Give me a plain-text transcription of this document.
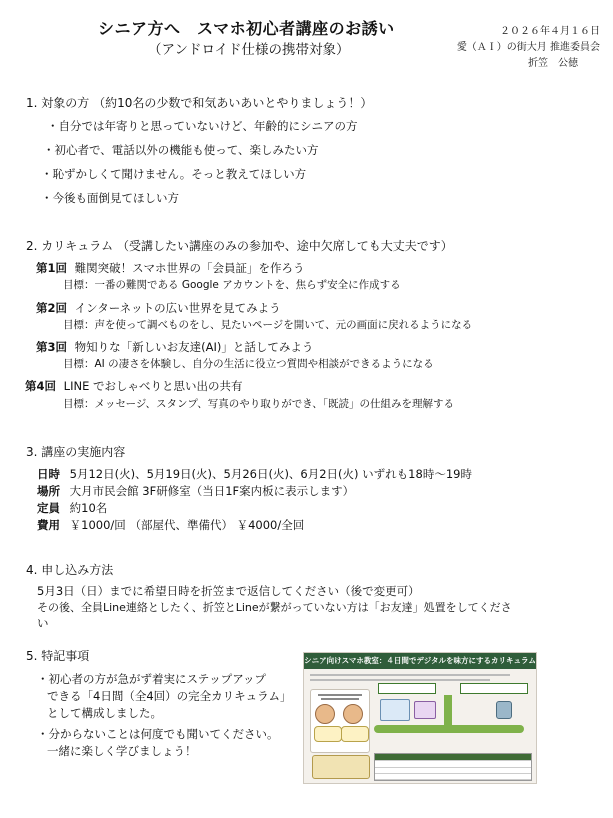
シニア方へ　スマホ初心者講座のお誘い
（アンドロイド仕様の携帯対象）
２０２６年４月１６日
愛（ＡＩ）の街大月 推進委員会
折笠　公徳
1. 対象の方 （約10名の少数で和気あいあいとやりましょう！）
・自分では年寄りと思っていないけど、年齢的にシニアの方
・初心者で、電話以外の機能も使って、楽しみたい方
・恥ずかしくて聞けません。そっと教えてほしい方
・今後も面倒見てほしい方
2. カリキュラム （受講したい講座のみの参加や、途中欠席しても大丈夫です）
第1回 難関突破！スマホ世界の「会員証」を作ろう
目標：一番の難関である Google アカウントを、焦らず安全に作成する
第2回 インターネットの広い世界を見てみよう
目標：声を使って調べものをし、見たいページを開いて、元の画面に戻れるようになる
第3回 物知りな「新しいお友達(AI)」と話してみよう
目標：AI の凄さを体験し、自分の生活に役立つ質問や相談ができるようになる
第4回 LINE でおしゃべりと思い出の共有
目標：メッセージ、スタンプ、写真のやり取りができ、「既読」の仕組みを理解する
3. 講座の実施内容
日時 5月12日(火)、5月19日(火)、5月26日(火)、6月2日(火) いずれも18時～19時
場所 大月市民会館 3F研修室（当日1F案内板に表示します）
定員 約10名
費用 ￥1000/回 （部屋代、準備代） ￥4000/全回
4. 申し込み方法
5月3日（日）までに希望日時を折笠まで返信してください（後で変更可）
その後、全員Line連絡としたく、折笠とLineが繋がっていない方は「お友達」処置をしてくださ
い
5. 特記事項
・初心者の方が急がず着実にステップアップ
できる「4日間（全4回）の完全カリキュラム」
として構成しました。
・分からないことは何度でも聞いてください。
一緒に楽しく学びましょう！
シニア向けスマホ教室：４日間でデジタルを味方にするカリキュラム
